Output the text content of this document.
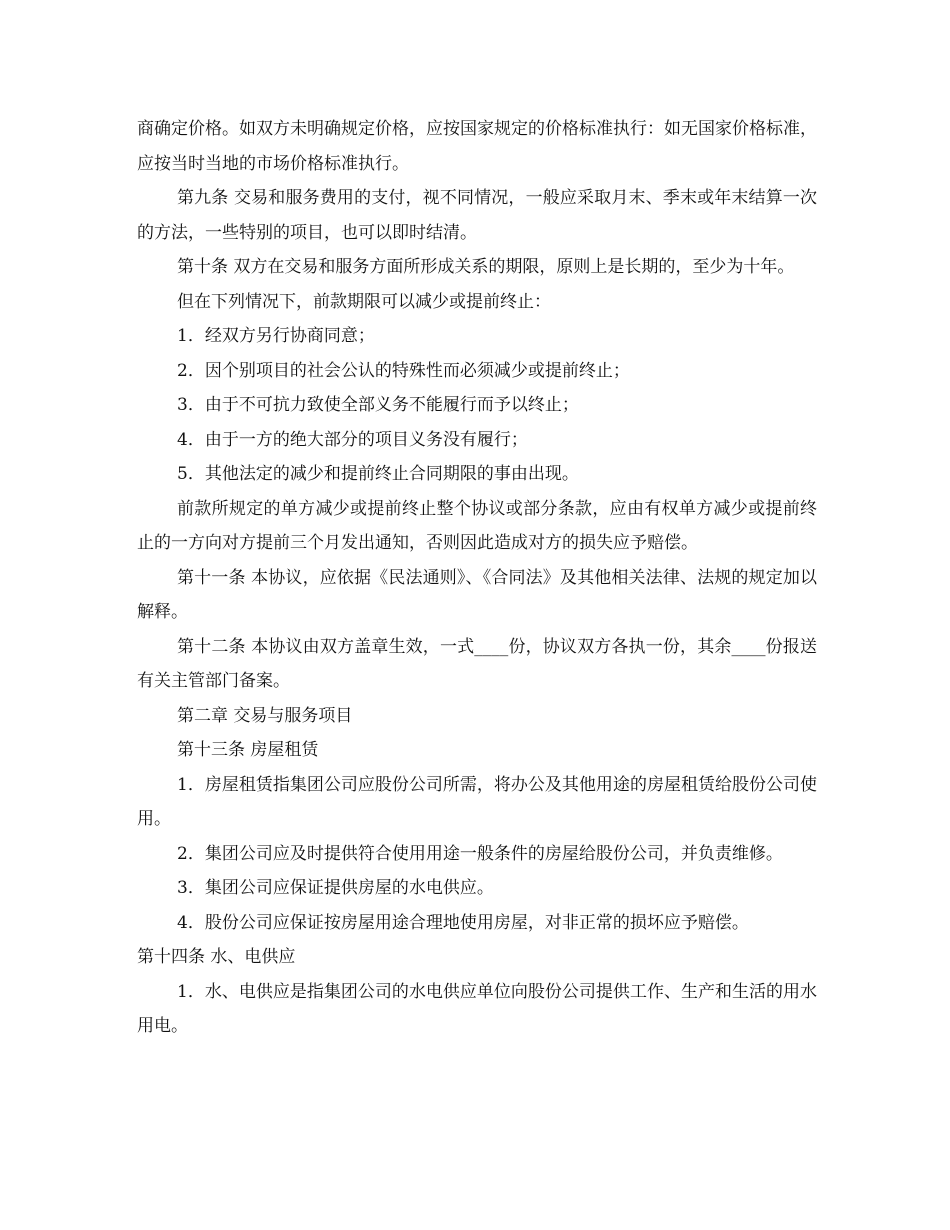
商确定价格。如双方未明确规定价格，应按国家规定的价格标准执行：如无国家价格标准，应按当时当地的市场价格标准执行。

第九条 交易和服务费用的支付，视不同情况，一般应采取月末、季末或年末结算一次的方法，一些特别的项目，也可以即时结清。

第十条 双方在交易和服务方面所形成关系的期限，原则上是长期的，至少为十年。

但在下列情况下，前款期限可以减少或提前终止：

1．经双方另行协商同意；

2．因个别项目的社会公认的特殊性而必须减少或提前终止；

3．由于不可抗力致使全部义务不能履行而予以终止；

4．由于一方的绝大部分的项目义务没有履行；

5．其他法定的减少和提前终止合同期限的事由出现。

前款所规定的单方减少或提前终止整个协议或部分条款，应由有权单方减少或提前终止的一方向对方提前三个月发出通知，否则因此造成对方的损失应予赔偿。

第十一条 本协议，应依据《民法通则》、《合同法》及其他相关法律、法规的规定加以解释。

第十二条 本协议由双方盖章生效，一式____份，协议双方各执一份，其余____份报送有关主管部门备案。

第二章 交易与服务项目

第十三条 房屋租赁

1．房屋租赁指集团公司应股份公司所需，将办公及其他用途的房屋租赁给股份公司使用。

2．集团公司应及时提供符合使用用途一般条件的房屋给股份公司，并负责维修。

3．集团公司应保证提供房屋的水电供应。

4．股份公司应保证按房屋用途合理地使用房屋，对非正常的损坏应予赔偿。

第十四条 水、电供应

1．水、电供应是指集团公司的水电供应单位向股份公司提供工作、生产和生活的用水用电。
